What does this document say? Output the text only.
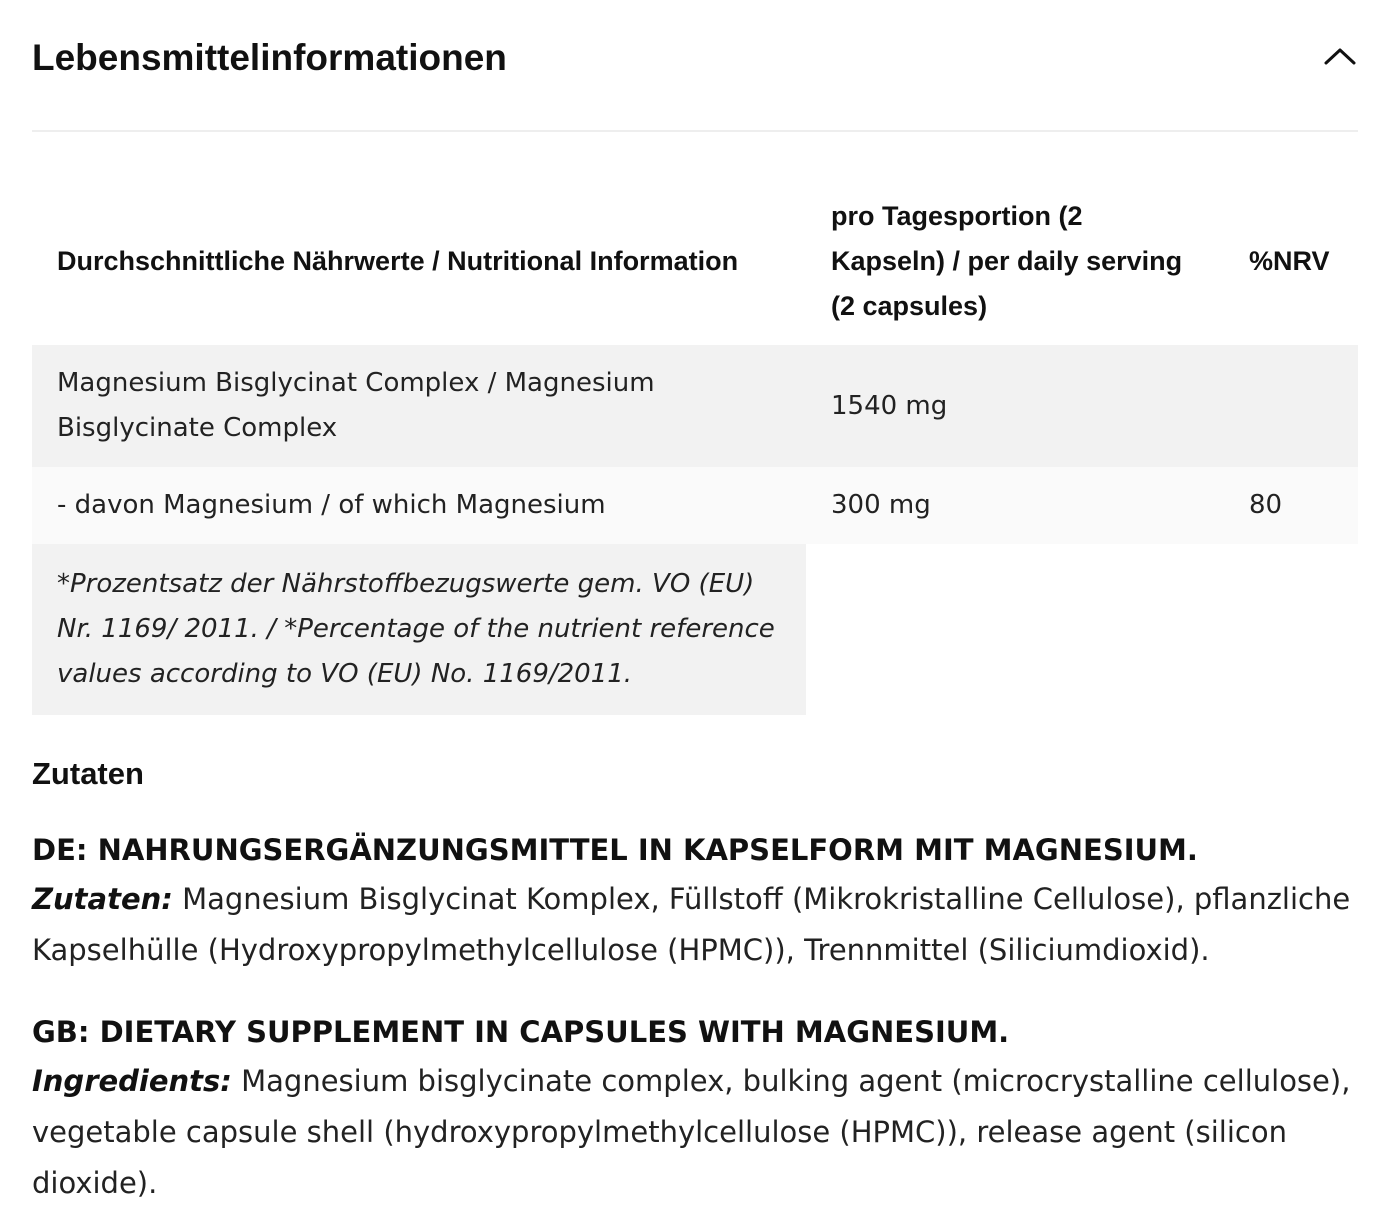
Lebensmittelinformationen
Durchschnittliche Nährwerte / Nutritional Information	pro Tagesportion (2 Kapseln) / per daily serving (2 capsules)	%NRV
Magnesium Bisglycinat Complex / Magnesium Bisglycinate Complex	1540 mg	
- davon Magnesium / of which Magnesium	300 mg	80
*Prozentsatz der Nährstoffbezugswerte gem. VO (EU) Nr. 1169/ 2011. / *Percentage of the nutrient reference values according to VO (EU) No. 1169/2011.		
Zutaten

DE: NAHRUNGSERGÄNZUNGSMITTEL IN KAPSELFORM MIT MAGNESIUM.

Zutaten: Magnesium Bisglycinat Komplex, Füllstoff (Mikrokristalline Cellulose), pflanzliche Kapselhülle (Hydroxypropylmethylcellulose (HPMC)), Trennmittel (Siliciumdioxid).

GB: DIETARY SUPPLEMENT IN CAPSULES WITH MAGNESIUM.

Ingredients: Magnesium bisglycinate complex, bulking agent (microcrystalline cellulose), vegetable capsule shell (hydroxypropylmethylcellulose (HPMC)), release agent (silicon dioxide).
